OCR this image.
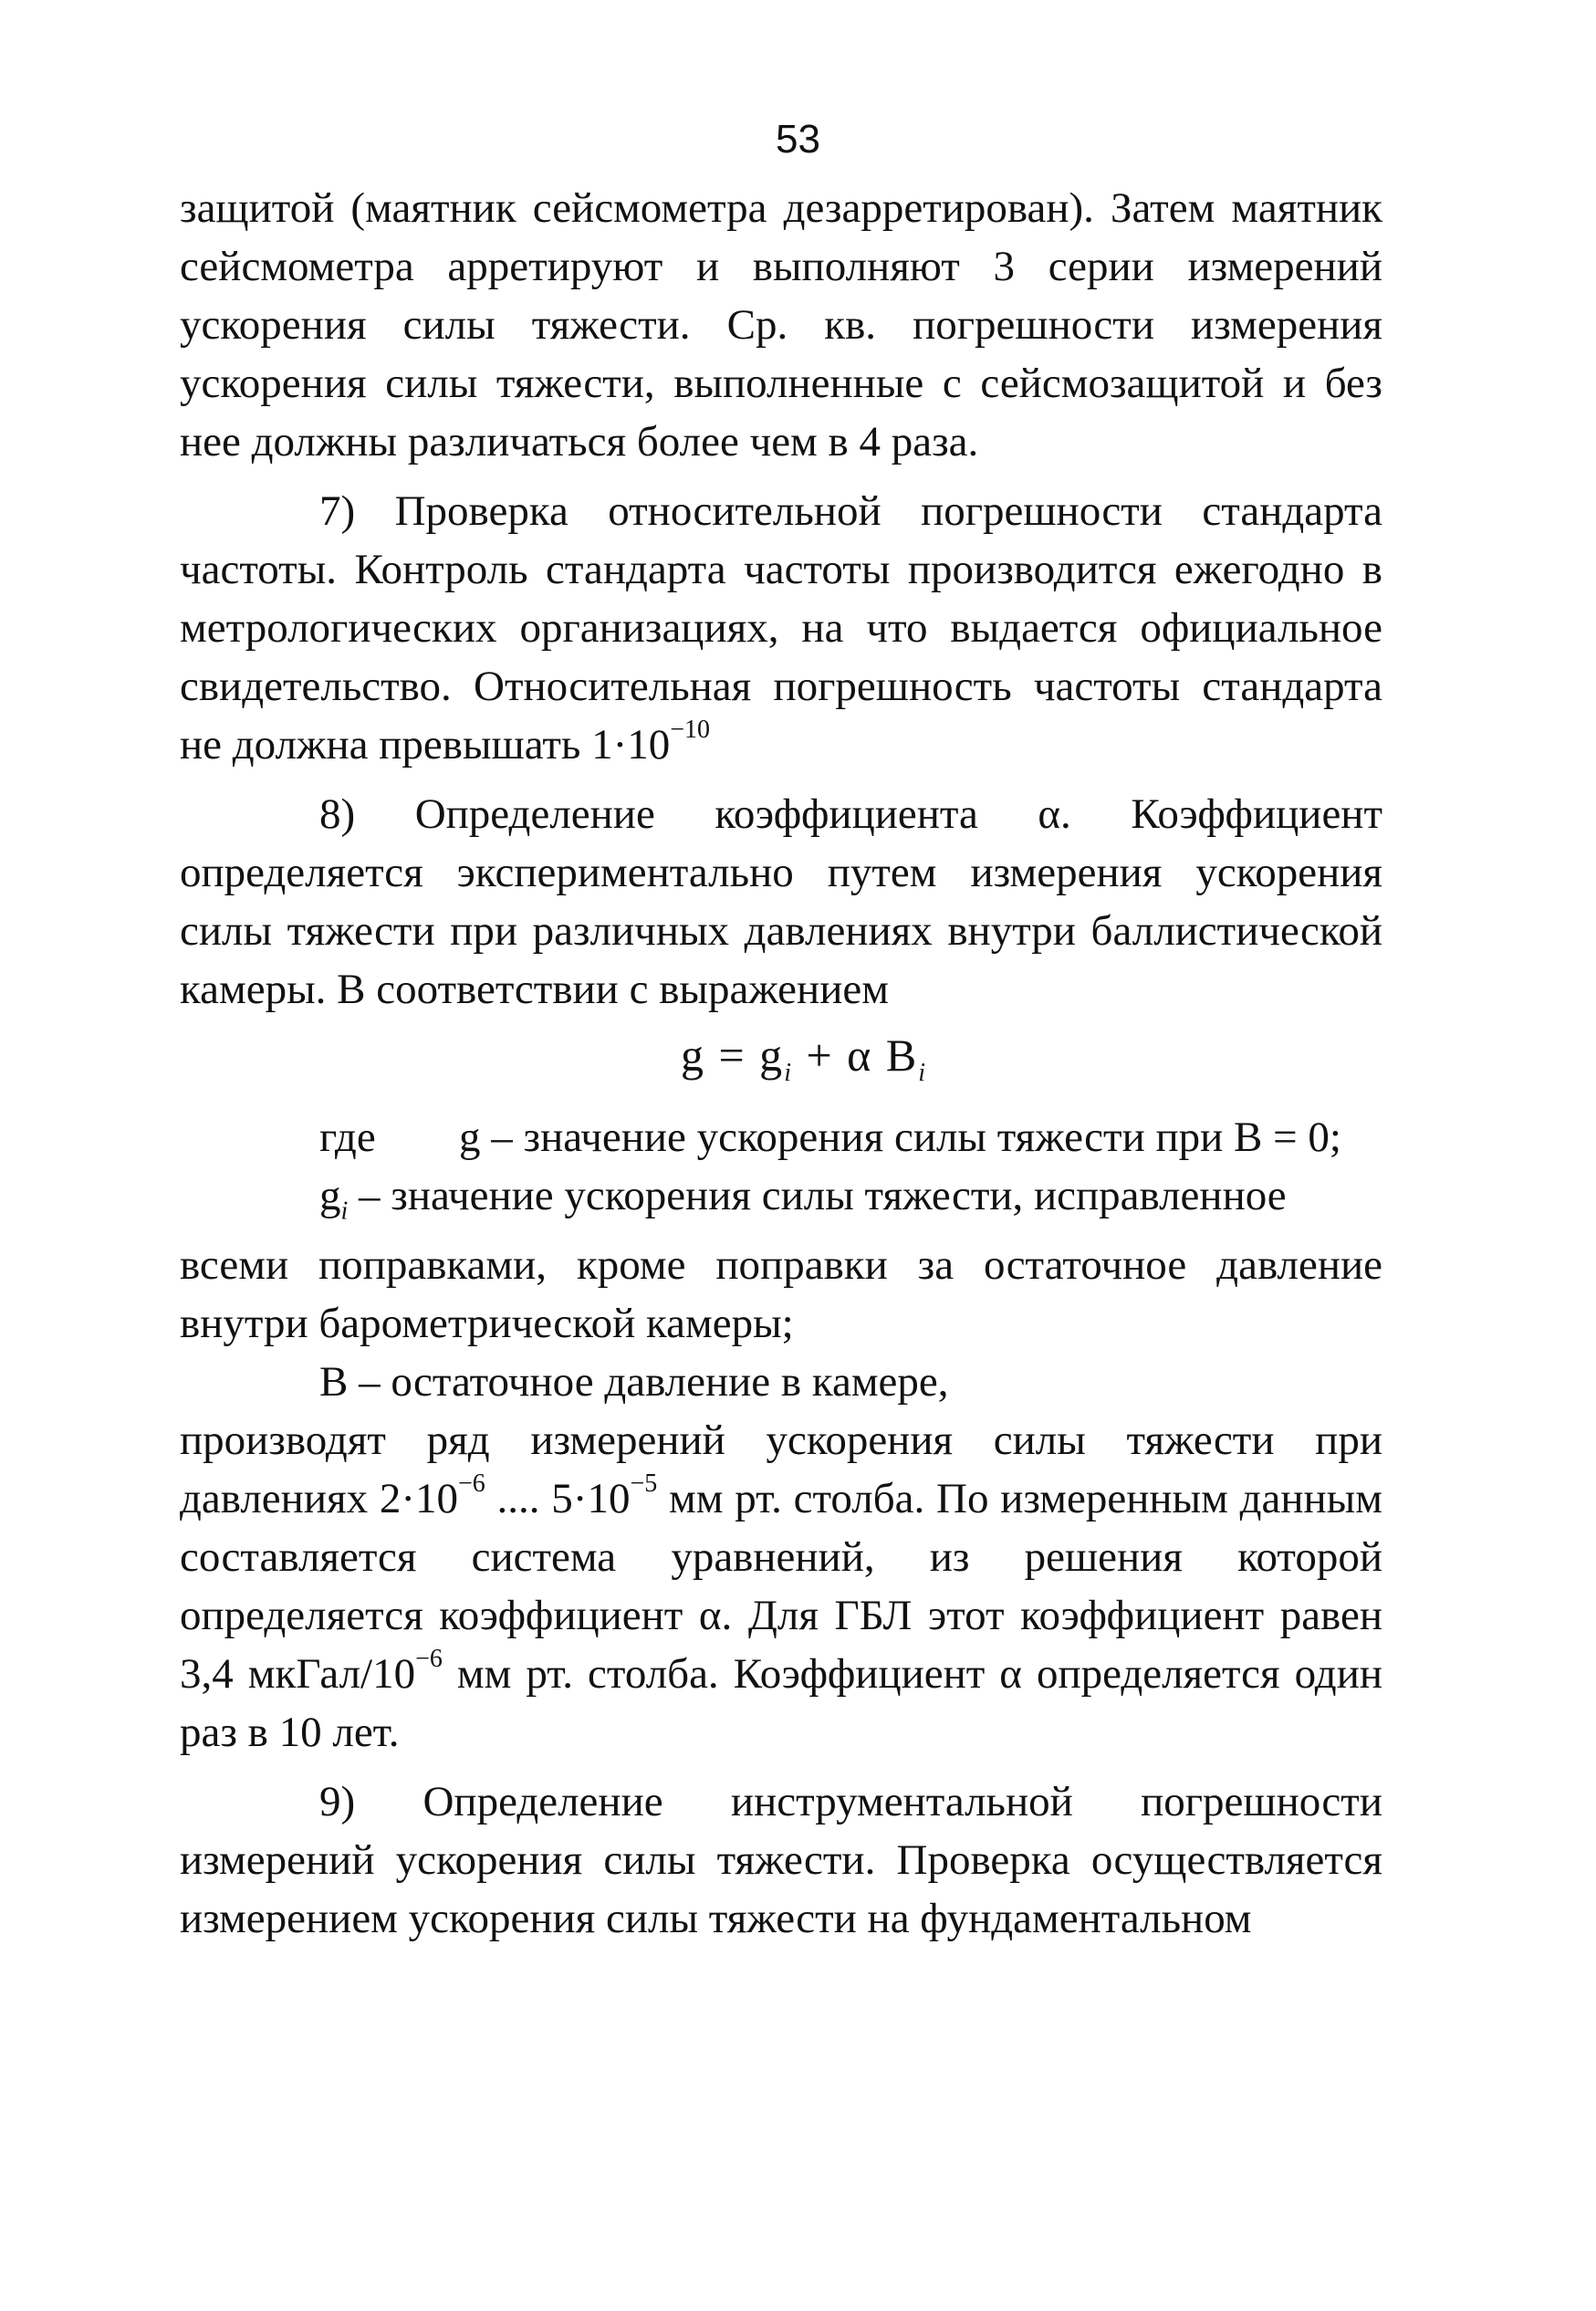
53

защитой (маятник сейсмометра дезарретирован). Затем маятник сейсмометра арретируют и выполняют 3 серии измерений ускорения силы тяжести. Ср. кв. погрешности измерения ускорения силы тяжести, выполненные с сейсмозащитой и без нее должны различаться более чем в 4 раза.

7) Проверка относительной погрешности стандарта частоты. Контроль стандарта частоты производится ежегодно в метрологических организациях, на что выдается официальное свидетельство. Относительная погрешность частоты стандарта не должна превышать $1\cdot 10^{-10}$

8) Определение коэффициента α. Коэффициент определяется экспериментально путем измерения ускорения силы тяжести при различных давлениях внутри баллистической камеры. В соответствии с выражением

$g = g_i + \alpha$ $B_i$

где g – значение ускорения силы тяжести при B = 0;

$g_i$ – значение ускорения силы тяжести, исправленное

всеми поправками, кроме поправки за остаточное давление внутри барометрической камеры;

B – остаточное давление в камере,

производят ряд измерений ускорения силы тяжести при давлениях $2\cdot 10^{-6}$ .... $5\cdot 10^{-5}$ мм рт. столба. По измеренным данным составляется система уравнений, из решения которой определяется коэффициент α. Для ГБЛ этот коэффициент равен 3,4 мкГал/$10^{-6}$ мм рт. столба. Коэффициент α определяется один раз в 10 лет.

9) Определение инструментальной погрешности измерений ускорения силы тяжести. Проверка осуществляется измерением ускорения силы тяжести на фундаментальном
